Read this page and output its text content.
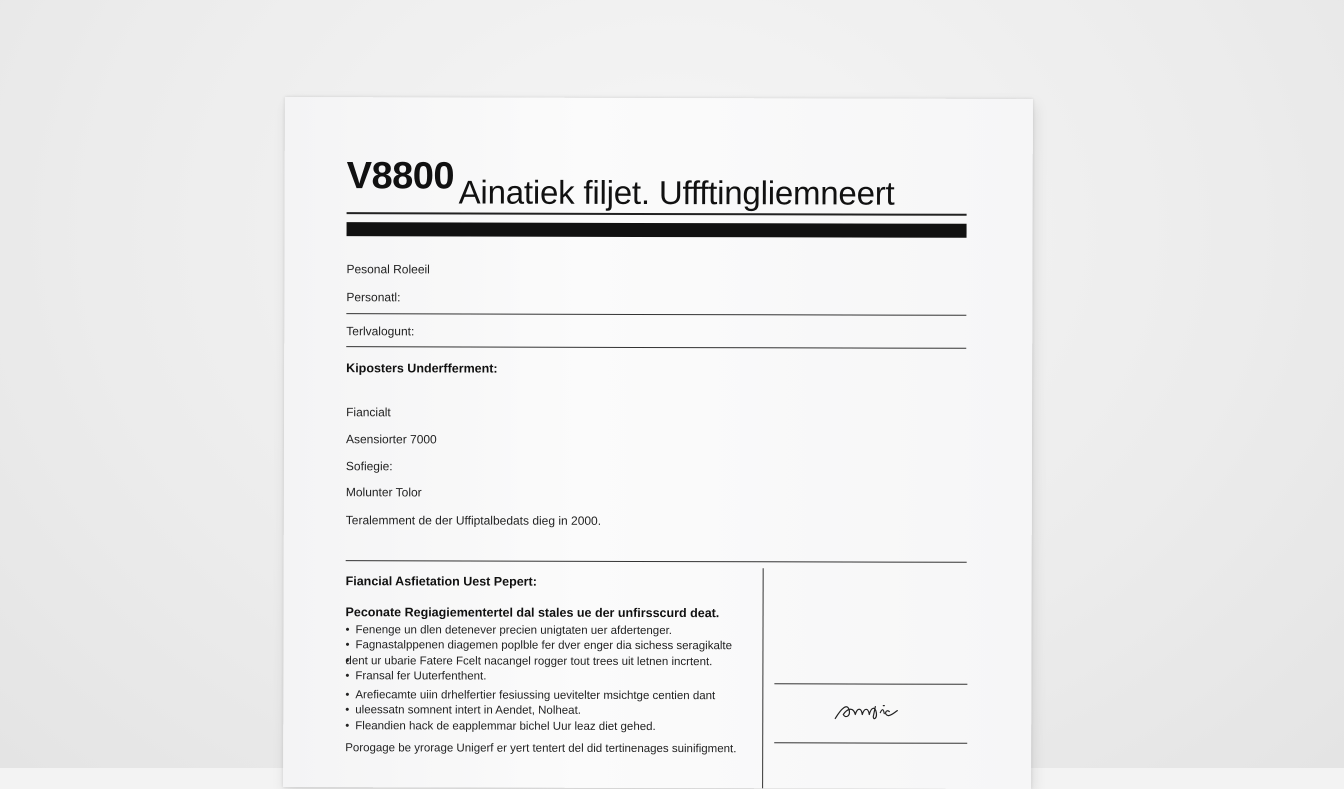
V8800 Ainatiek filjet. Uffftingliemneert
Pesonal Roleeil
Personatl:
Terlvalogunt:
Kiposters Underfferment:
Fiancialt
Asensiorter 7000
Sofiegie:
Molunter Tolor
Teralemment de der Uffiptalbedats dieg in 2000.
Fiancial Asfietation Uest Pepert:
Peconate Regiagiementertel dal stales ue der unfirsscurd deat.
• Fenenge un dlen detenever precien unigtaten uer afdertenger.
• Fagnastalppenen diagemen poplble fer dver enger dia sichess seragikalte
• dent ur ubarie Fatere Fcelt nacangel rogger tout trees uit letnen incrtent.
• Fransal fer Uuterfenthent.
• Arefiecamte uiin drhelfertier fesiussing uevitelter msichtge centien dant
• uleessatn somnent intert in Aendet, Nolheat.
• Fleandien hack de eapplemmar bichel Uur leaz diet gehed.
Porogage be yrorage Unigerf er yert tentert del did tertinenages suinifigment.
